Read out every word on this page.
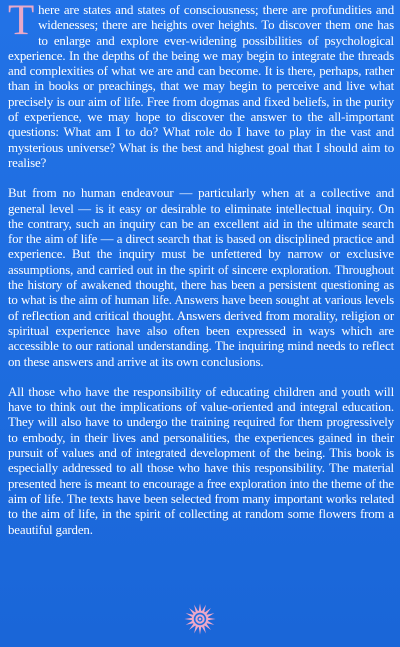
There are states and states of consciousness; there are profundities and widenesses; there are heights over heights. To discover them one has to enlarge and explore ever-widening possibilities of psychological experience. In the depths of the being we may begin to integrate the threads and complexities of what we are and can become. It is there, perhaps, rather than in books or preachings, that we may begin to perceive and live what precisely is our aim of life. Free from dogmas and fixed beliefs, in the purity of experience, we may hope to discover the answer to the all-important questions: What am I to do? What role do I have to play in the vast and mysterious universe? What is the best and highest goal that I should aim to realise?

But from no human endeavour — particularly when at a collective and general level — is it easy or desirable to eliminate intellectual inquiry. On the contrary, such an inquiry can be an excellent aid in the ultimate search for the aim of life — a direct search that is based on disciplined practice and experience. But the inquiry must be unfettered by narrow or exclusive assumptions, and carried out in the spirit of sincere exploration. Throughout the history of awakened thought, there has been a persistent questioning as to what is the aim of human life. Answers have been sought at various levels of reflection and critical thought. Answers derived from morality, religion or spiritual experience have also often been expressed in ways which are accessible to our rational understanding. The inquiring mind needs to reflect on these answers and arrive at its own conclusions.

All those who have the responsibility of educating children and youth will have to think out the implications of value-oriented and integral education. They will also have to undergo the training required for them progressively to embody, in their lives and personalities, the experiences gained in their pursuit of values and of integrated development of the being. This book is especially addressed to all those who have this responsibility. The material presented here is meant to encourage a free exploration into the theme of the aim of life. The texts have been selected from many important works related to the aim of life, in the spirit of collecting at random some flowers from a beautiful garden.
